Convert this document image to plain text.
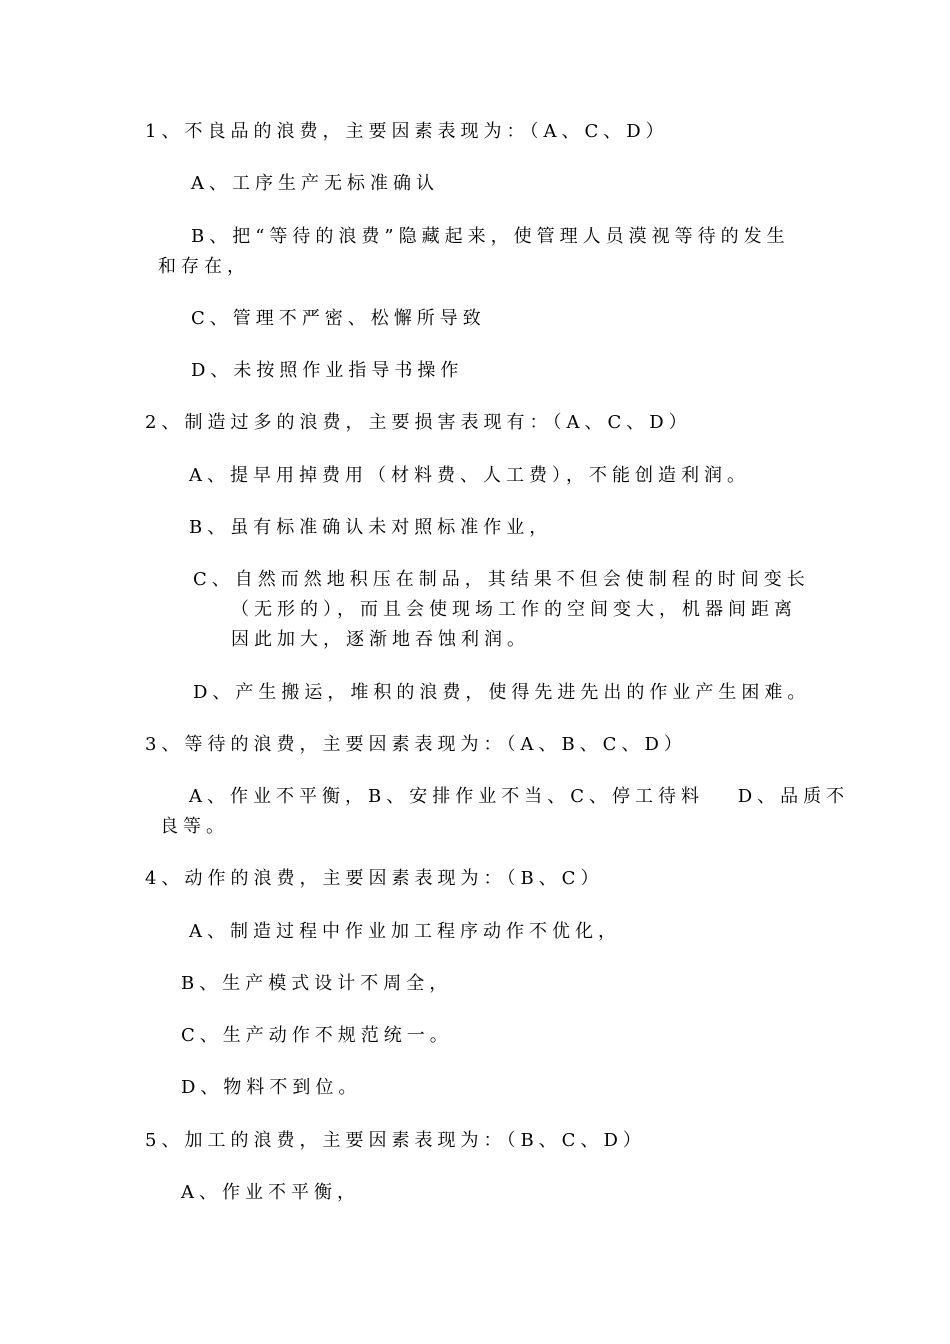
1、不良品的浪费，主要因素表现为：（A、C、D）
A、工序生产无标准确认
B、把“等待的浪费”隐藏起来，使管理人员漠视等待的发生
和存在，
C、管理不严密、松懈所导致
D、未按照作业指导书操作
2、制造过多的浪费，主要损害表现有：（A、C、D）
A、提早用掉费用（材料费、人工费），不能创造利润。
B、虽有标准确认未对照标准作业，
C、自然而然地积压在制品，其结果不但会使制程的时间变长
（无形的），而且会使现场工作的空间变大，机器间距离
因此加大，逐渐地吞蚀利润。
D、产生搬运，堆积的浪费，使得先进先出的作业产生困难。
3、等待的浪费，主要因素表现为：（A、B、C、D）
A、作业不平衡，B、安排作业不当、C、停工待料　 D、品质不
良等。
4、动作的浪费，主要因素表现为：（B、C）
A、制造过程中作业加工程序动作不优化，
B、生产模式设计不周全，
C、生产动作不规范统一。
D、物料不到位。
5、加工的浪费，主要因素表现为：（B、C、D）
A、作业不平衡，
